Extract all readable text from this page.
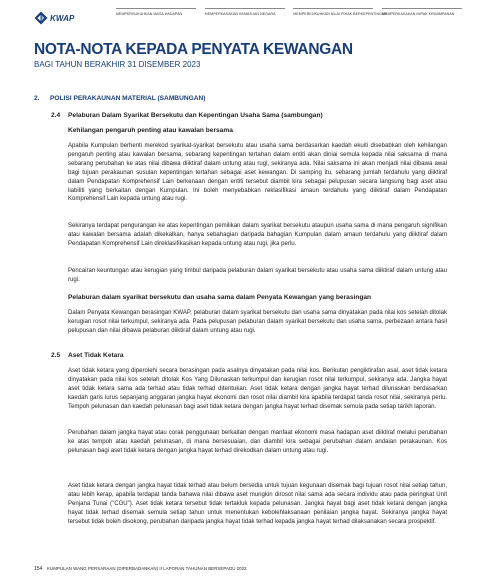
KWAP	MEMPERKUKUHKAN MASA HADAPAN	MEMPERKASAKAN KEMAJUAN NEGARA	MEMPERKUKUHKAN NILAI PIHAK BERKEPENTINGAN
MEMPERKASAKAN IMPAK KEMAMPANAN
NOTA-NOTA KEPADA PENYATA KEWANGAN
BAGI TAHUN BERAKHIR 31 DISEMBER 2023
2. POLISI PERAKAUNAN MATERIAL (SAMBUNGAN)
2.4 Pelaburan Dalam Syarikat Bersekutu dan Kepentingan Usaha Sama (sambungan)
Kehilangan pengaruh penting atau kawalan bersama

Apabila Kumpulan berhenti merekod syarikat-syarikat bersekutu atau usaha sama berdasarkan kaedah ekuiti disebabkan oleh kehilangan pengaruh penting atau kawalan bersama, sebarang kepentingan tertahan dalam entiti akan diniai semula kepada nilai saksama di mana sebarang perubahan ke atas nilai dibawa diiktiraf dalam untung atau rugi, sekiranya ada. Nilai saksama ini akan menjadi nilai dibawa awal bagi tujuan perakaunan susulan kepentingan tertahan sebagai aset kewangan. Di samping itu, sebarang jumlah terdahulu yang diiktiraf dalam Pendapatan Komprehensif Lain berkenaan dengan entiti tersebut diambil kira sebagai pelupusan secara langsung bagi aset atau liabiliti yang berkaitan dengan Kumpulan. Ini boleh menyebabkan reklasifikasi amaun terdahulu yang diiktiraf dalam Pendapatan Komprehensif Lain kepada untung atau rugi.

Sekiranya terdapat pengurangan ke atas kepentingan pemilikan dalam syarikat bersekutu ataupun usaha sama di mana pengaruh signifikan atau kawalan bersama adalah dikekalkan, hanya sebahagian daripada bahagian Kumpulan dalam amaun terdahulu yang diiktiraf dalam Pendapatan Komprehensif Lain direklasifikasikan kepada untung atau rugi, jika perlu.

Pencairan keuntungan atau kerugian yang timbul daripada pelaburan dalam syarikat bersekutu atau usaha sama diiktiraf dalam untung atau rugi.

Pelaburan dalam syarikat bersekutu dan usaha sama dalam Penyata Kewangan yang berasingan

Dalam Penyata Kewangan berasingan KWAP, pelaburan dalam syarikat bersekutu dan usaha sama dinyatakan pada nilai kos setelah ditolak kerugian rosot nilai terkumpul, sekiranya ada. Pada pelupusan pelaburan dalam syarikat bersekutu dan usaha sama, perbezaan antara hasil pelupusan dan nilai dibawa pelaburan diiktiraf dalam untung atau rugi.

2.5 Aset Tidak Ketara

Aset tidak ketara yang diperolehi secara berasingan pada asalnya dinyatakan pada nilai kos. Berikutan pengiktirafan asal, aset tidak ketara dinyatakan pada nilai kos setelah ditolak Kos Yang Dilunaskan terkumpul dan kerugian rosot nilai terkumpul, sekiranya ada. Jangka hayat aset tidak ketara sama ada terhad atau tidak terhad ditentukan. Aset tidak ketara dengan jangka hayat terhad dilunaskan berdasarkan kaedah garis lurus sepanjang anggaran jangka hayat ekonomi dan rosot nilai diambil kira apabila terdapat tanda rosot nilai, sekiranya perlu. Tempoh pelunasan dan kaedah pelunasan bagi aset tidak ketara dengan jangka hayat terhad disemak semula pada setiap tarikh laporan.

Perubahan dalam jangka hayat atau corak penggunaan berkaitan dengan manfaat ekonomi masa hadapan aset diiktiraf melalui perubahan ke atas tempoh atau kaedah pelunasan, di mana bersesuaian, dan diambil kira sebagai perubahan dalam andaian perakaunan. Kos pelunasan bagi aset tidak ketara dengan jangka hayat terhad direkodkan dalam untung atau rugi.

Aset tidak ketara dengan jangka hayat tidak terhad atau belum bersedia untuk tujuan kegunaan disemak bagi tujuan rosot nilai setiap tahun, atau lebih kerap, apabila terdapat tanda bahawa nilai dibawa aset mungkin dirosot nilai sama ada secara individu atau pada peringkat Unit Penjana Tunai ("CGU"). Aset tidak ketara tersebut tidak tertakluk kepada pelunasan. Jangka hayat bagi aset tidak ketara dengan jangka hayat tidak terhad disemak semula setiap tahun untuk menentukan kebolehlaksanaan penilaian jangka hayat. Sekiranya jangka hayat tersebut tidak boleh disokong, perubahan daripada jangka hayat tidak terhad kepada jangka hayat terhad dilaksanakan secara prospektif.

154 KUMPULAN WANG PERSARAAN (DIPERBADANKAN) II LAPORAN TAHUNAN BERSEPADU 2023
